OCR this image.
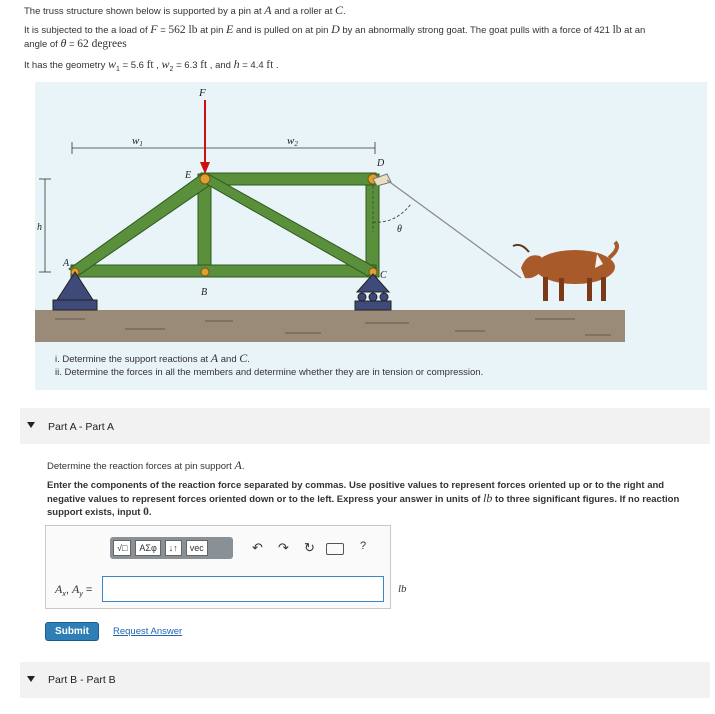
The truss structure shown below is supported by a pin at A and a roller at C.
It is subjected to the a load of F = 562 lb at pin E and is pulled on at pin D by an abnormally strong goat. The goat pulls with a force of 421 lb at an
angle of θ = 62 degrees
It has the geometry $w_1 = 5.6$ ft , $w_2 = 6.3$ ft , and h = 4.4 ft .
F
w1	w2
E
D
A
B
C
h	θ
i. Determine the support reactions at A and C.
ii. Determine the forces in all the members and determine whether they are in tension or compression.
Part A - Part A
Determine the reaction forces at pin support A.
Enter the components of the reaction force separated by commas. Use positive values to represent forces oriented up or to the right and negative values to represent forces oriented down or to the left. Express your answer in units of lb to three significant figures. If no reaction support exists, input 0.
√□	ΑΣφ	↓↑	vec	↶ ↷ ↻	?
$A_x$, $A_y$ =	lb
Submit	Request Answer
Part B - Part B
